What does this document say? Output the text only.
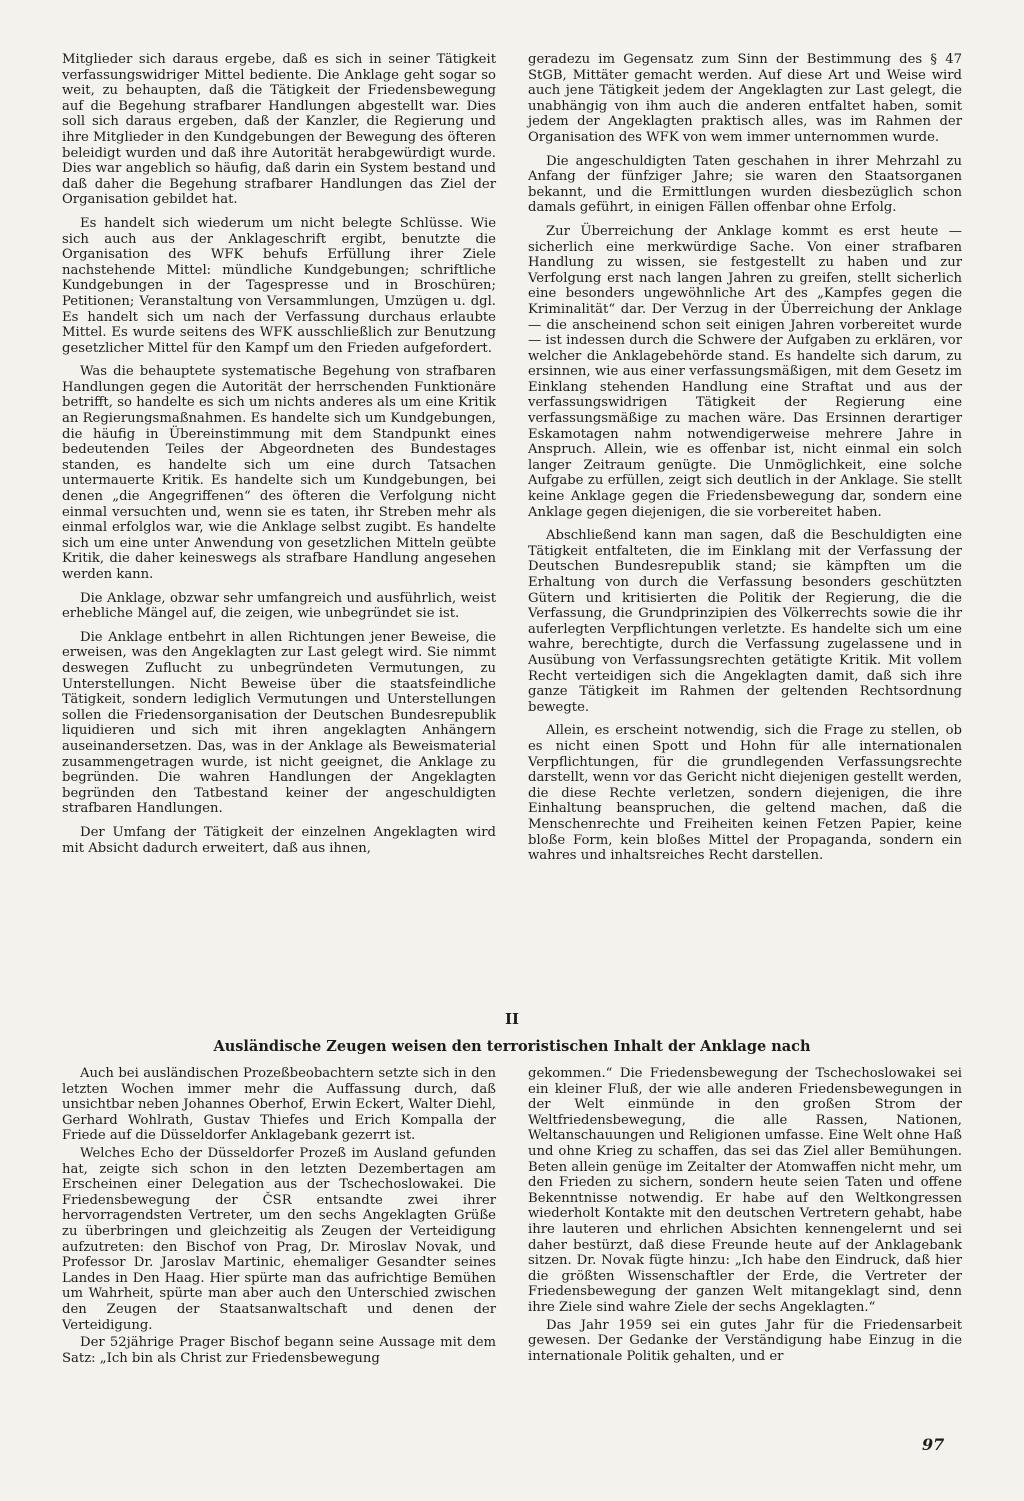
Mitglieder sich daraus ergebe, daß es sich in seiner Tätigkeit verfassungswidriger Mittel bediente. Die Anklage geht sogar so weit, zu behaupten, daß die Tätigkeit der Friedensbewegung auf die Begehung strafbarer Handlungen abgestellt war. Dies soll sich daraus ergeben, daß der Kanzler, die Regierung und ihre Mitglieder in den Kundgebungen der Bewegung des öfteren beleidigt wurden und daß ihre Autorität herabgewürdigt wurde. Dies war angeblich so häufig, daß darin ein System bestand und daß daher die Begehung strafbarer Handlungen das Ziel der Organisation gebildet hat.

Es handelt sich wiederum um nicht belegte Schlüsse. Wie sich auch aus der Anklageschrift ergibt, benutzte die Organisation des WFK behufs Erfüllung ihrer Ziele nachstehende Mittel: mündliche Kundgebungen; schriftliche Kundgebungen in der Tagespresse und in Broschüren; Petitionen; Veranstaltung von Versammlungen, Umzügen u. dgl. Es handelt sich um nach der Verfassung durchaus erlaubte Mittel. Es wurde seitens des WFK ausschließlich zur Benutzung gesetzlicher Mittel für den Kampf um den Frieden aufgefordert.

Was die behauptete systematische Begehung von strafbaren Handlungen gegen die Autorität der herrschenden Funktionäre betrifft, so handelte es sich um nichts anderes als um eine Kritik an Regierungsmaßnahmen. Es handelte sich um Kundgebungen, die häufig in Übereinstimmung mit dem Standpunkt eines bedeutenden Teiles der Abgeordneten des Bundestages standen, es handelte sich um eine durch Tatsachen untermauerte Kritik. Es handelte sich um Kundgebungen, bei denen „die Angegriffenen“ des öfteren die Verfolgung nicht einmal versuchten und, wenn sie es taten, ihr Streben mehr als einmal erfolglos war, wie die Anklage selbst zugibt. Es handelte sich um eine unter Anwendung von gesetzlichen Mitteln geübte Kritik, die daher keineswegs als strafbare Handlung angesehen werden kann.

Die Anklage, obzwar sehr umfangreich und ausführlich, weist erhebliche Mängel auf, die zeigen, wie unbegründet sie ist.

Die Anklage entbehrt in allen Richtungen jener Beweise, die erweisen, was den Angeklagten zur Last gelegt wird. Sie nimmt deswegen Zuflucht zu unbegründeten Vermutungen, zu Unterstellungen. Nicht Beweise über die staatsfeindliche Tätigkeit, sondern lediglich Vermutungen und Unterstellungen sollen die Friedensorganisation der Deutschen Bundesrepublik liquidieren und sich mit ihren angeklagten Anhängern auseinandersetzen. Das, was in der Anklage als Beweismaterial zusammengetragen wurde, ist nicht geeignet, die Anklage zu begründen. Die wahren Handlungen der Angeklagten begründen den Tatbestand keiner der angeschuldigten strafbaren Handlungen.

Der Umfang der Tätigkeit der einzelnen Angeklagten wird mit Absicht dadurch erweitert, daß aus ihnen,

geradezu im Gegensatz zum Sinn der Bestimmung des § 47 StGB, Mittäter gemacht werden. Auf diese Art und Weise wird auch jene Tätigkeit jedem der Angeklagten zur Last gelegt, die unabhängig von ihm auch die anderen entfaltet haben, somit jedem der Angeklagten praktisch alles, was im Rahmen der Organisation des WFK von wem immer unternommen wurde.

Die angeschuldigten Taten geschahen in ihrer Mehrzahl zu Anfang der fünfziger Jahre; sie waren den Staatsorganen bekannt, und die Ermittlungen wurden diesbezüglich schon damals geführt, in einigen Fällen offenbar ohne Erfolg.

Zur Überreichung der Anklage kommt es erst heute — sicherlich eine merkwürdige Sache. Von einer strafbaren Handlung zu wissen, sie festgestellt zu haben und zur Verfolgung erst nach langen Jahren zu greifen, stellt sicherlich eine besonders ungewöhnliche Art des „Kampfes gegen die Kriminalität“ dar. Der Verzug in der Überreichung der Anklage — die anscheinend schon seit einigen Jahren vorbereitet wurde — ist indessen durch die Schwere der Aufgaben zu erklären, vor welcher die Anklagebehörde stand. Es handelte sich darum, zu ersinnen, wie aus einer verfassungsmäßigen, mit dem Gesetz im Einklang stehenden Handlung eine Straftat und aus der verfassungswidrigen Tätigkeit der Regierung eine verfassungsmäßige zu machen wäre. Das Ersinnen derartiger Eskamotagen nahm notwendigerweise mehrere Jahre in Anspruch. Allein, wie es offenbar ist, nicht einmal ein solch langer Zeitraum genügte. Die Unmöglichkeit, eine solche Aufgabe zu erfüllen, zeigt sich deutlich in der Anklage. Sie stellt keine Anklage gegen die Friedensbewegung dar, sondern eine Anklage gegen diejenigen, die sie vorbereitet haben.

Abschließend kann man sagen, daß die Beschuldigten eine Tätigkeit entfalteten, die im Einklang mit der Verfassung der Deutschen Bundesrepublik stand; sie kämpften um die Erhaltung von durch die Verfassung besonders geschützten Gütern und kritisierten die Politik der Regierung, die die Verfassung, die Grundprinzipien des Völkerrechts sowie die ihr auferlegten Verpflichtungen verletzte. Es handelte sich um eine wahre, berechtigte, durch die Verfassung zugelassene und in Ausübung von Verfassungsrechten getätigte Kritik. Mit vollem Recht verteidigen sich die Angeklagten damit, daß sich ihre ganze Tätigkeit im Rahmen der geltenden Rechtsordnung bewegte.

Allein, es erscheint notwendig, sich die Frage zu stellen, ob es nicht einen Spott und Hohn für alle internationalen Verpflichtungen, für die grundlegenden Verfassungsrechte darstellt, wenn vor das Gericht nicht diejenigen gestellt werden, die diese Rechte verletzen, sondern diejenigen, die ihre Einhaltung beanspruchen, die geltend machen, daß die Menschenrechte und Freiheiten keinen Fetzen Papier, keine bloße Form, kein bloßes Mittel der Propaganda, sondern ein wahres und inhaltsreiches Recht darstellen.

II
Ausländische Zeugen weisen den terroristischen Inhalt der Anklage nach

Auch bei ausländischen Prozeßbeobachtern setzte sich in den letzten Wochen immer mehr die Auffassung durch, daß unsichtbar neben Johannes Oberhof, Erwin Eckert, Walter Diehl, Gerhard Wohlrath, Gustav Thiefes und Erich Kompalla der Friede auf die Düsseldorfer Anklagebank gezerrt ist.

Welches Echo der Düsseldorfer Prozeß im Ausland gefunden hat, zeigte sich schon in den letzten Dezembertagen am Erscheinen einer Delegation aus der Tschechoslowakei. Die Friedensbewegung der ČSR entsandte zwei ihrer hervorragendsten Vertreter, um den sechs Angeklagten Grüße zu überbringen und gleichzeitig als Zeugen der Verteidigung aufzutreten: den Bischof von Prag, Dr. Miroslav Novak, und Professor Dr. Jaroslav Martinic, ehemaliger Gesandter seines Landes in Den Haag. Hier spürte man das aufrichtige Bemühen um Wahrheit, spürte man aber auch den Unterschied zwischen den Zeugen der Staatsanwaltschaft und denen der Verteidigung.

Der 52jährige Prager Bischof begann seine Aussage mit dem Satz: „Ich bin als Christ zur Friedensbewegung

gekommen.“ Die Friedensbewegung der Tschechoslowakei sei ein kleiner Fluß, der wie alle anderen Friedensbewegungen in der Welt einmünde in den großen Strom der Weltfriedensbewegung, die alle Rassen, Nationen, Weltanschauungen und Religionen umfasse. Eine Welt ohne Haß und ohne Krieg zu schaffen, das sei das Ziel aller Bemühungen. Beten allein genüge im Zeitalter der Atomwaffen nicht mehr, um den Frieden zu sichern, sondern heute seien Taten und offene Bekenntnisse notwendig. Er habe auf den Weltkongressen wiederholt Kontakte mit den deutschen Vertretern gehabt, habe ihre lauteren und ehrlichen Absichten kennengelernt und sei daher bestürzt, daß diese Freunde heute auf der Anklagebank sitzen. Dr. Novak fügte hinzu: „Ich habe den Eindruck, daß hier die größten Wissenschaftler der Erde, die Vertreter der Friedensbewegung der ganzen Welt mitangeklagt sind, denn ihre Ziele sind wahre Ziele der sechs Angeklagten.“

Das Jahr 1959 sei ein gutes Jahr für die Friedensarbeit gewesen. Der Gedanke der Verständigung habe Einzug in die internationale Politik gehalten, und er

97
